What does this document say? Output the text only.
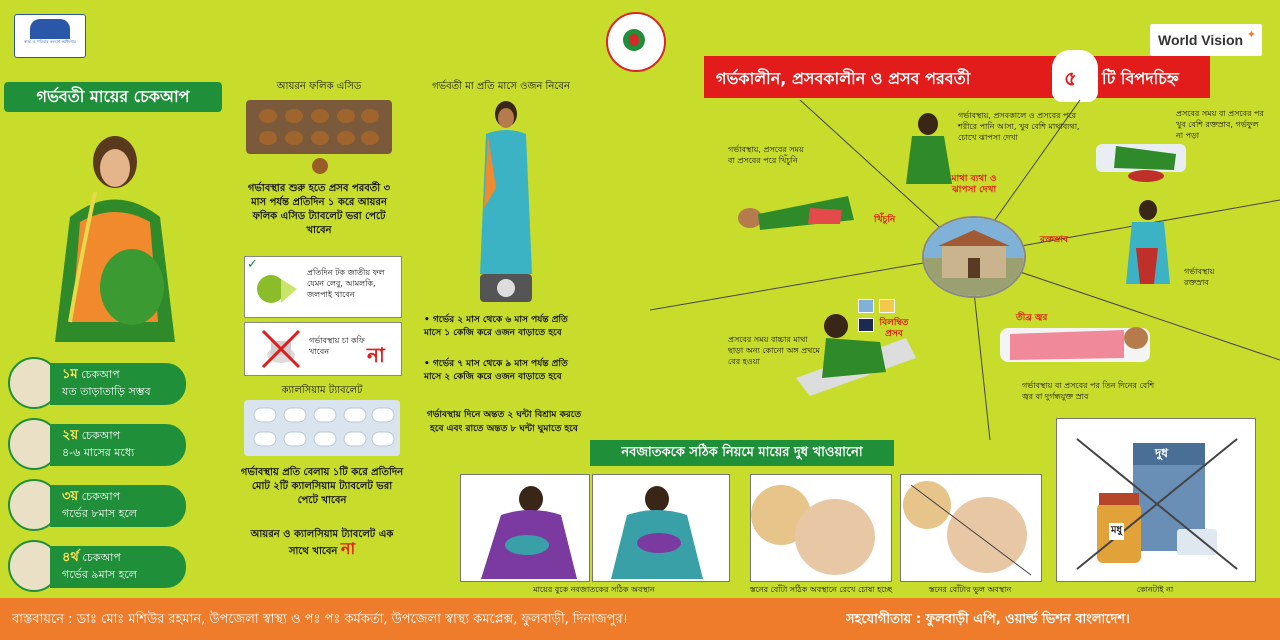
স্বাস্থ্য ও পরিবার কল্যাণ অধিদপ্তর	World Vision ✦
গর্ভবতী মায়ের চেকআপ
১ম চেকআপ
যত তাড়াতাড়ি সম্ভব
২য় চেকআপ
৪-৬ মাসের মধ্যে
৩য় চেকআপ
গর্ভের ৮মাস হলে
৪র্থ চেকআপ
গর্ভের ৯মাস হলে
আয়রন ফলিক এসিড
গর্ভাবস্থার শুরু হতে প্রসব পরবর্তী ৩ মাস পর্যন্ত প্রতিদিন ১ করে আয়রন ফলিক এসিড ট্যাবলেট ভরা পেটে খাবেন
✓
প্রতিদিন টক জাতীয় ফল যেমন লেবু, আমলকি, জলপাই খাবেন
গর্ভাবস্থায় চা কফি খাবেন	না
ক্যালসিয়াম ট্যাবলেট
গর্ভাবস্থায় প্রতি বেলায় ১টি করে প্রতিদিন মোট ২টি ক্যালসিয়াম ট্যাবলেট ভরা পেটে খাবেন
আয়রন ও ক্যালসিয়াম ট্যাবলেট এক সাথে খাবেন না
গর্ভবতী মা প্রতি মাসে ওজন নিবেন
• গর্ভের ২ মাস থেকে ৬ মাস পর্যন্ত প্রতি মাসে ১ কেজি করে ওজন বাড়াতে হবে
• গর্ভের ৭ মাস থেকে ৯ মাস পর্যন্ত প্রতি মাসে ২ কেজি করে ওজন বাড়াতে হবে
গর্ভাবস্থায় দিনে অন্তত ২ ঘন্টা বিশ্রাম করতে হবে এবং রাতে অন্তত ৮ ঘন্টা ঘুমাতে হবে
গর্ভকালীন, প্রসবকালীন ও প্রসব পরবর্তী	৫ টি বিপদচিহ্ন
মাথা ব্যথা ও ঝাপসা দেখা
খিঁচুনি
রক্তস্রাব
তীব্র জ্বর
বিলম্বিত প্রসব
গর্ভাবস্থায়, প্রসবের সময় বা প্রসবের পরে খিঁচুনি
গর্ভাবস্থায়, প্রসবকালে ও প্রসবের পরে শরীরে পানি আসা, খুব বেশি মাথাব্যথা, চোখে ঝাপসা দেখা
প্রসবের সময় বা প্রসবের পর খুব বেশি রক্তস্রাব, গর্ভফুল না পড়া
গর্ভাবস্থায় রক্তস্রাব
গর্ভাবস্থায় বা প্রসবের পর তিন দিনের বেশি জ্বর বা দুর্গন্ধযুক্ত স্রাব
প্রসবের সময় বাচ্চার মাথা ছাড়া অন্য কোনো অঙ্গ প্রথমে বের হওয়া

নবজাতককে সঠিক নিয়মে মায়ের দুধ খাওয়ানো
মায়ের বুকে নবজাতকের সঠিক অবস্থান	স্তনের বোঁটা সঠিক অবস্থানে রেখে চোষা হচ্ছে	স্তনের বোঁটার ভুল অবস্থান
দুধ
মধু
কোনটাই না
বাস্তবায়নে : ডাঃ মোঃ মশিউর রহমান, উপজেলা স্বাস্থ্য ও পঃ পঃ কর্মকর্তা, উপজেলা স্বাস্থ্য কমপ্লেক্স, ফুলবাড়ী, দিনাজপুর।	সহযোগীতায় : ফুলবাড়ী এপি, ওয়ার্ল্ড ভিশন বাংলাদেশ।
